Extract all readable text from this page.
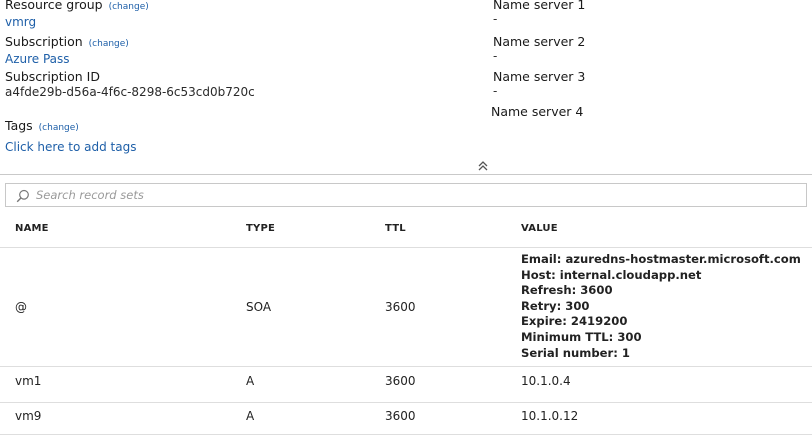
Resource group (change)
vmrg
Subscription (change)
Azure Pass
Subscription ID
a4fde29b-d56a-4f6c-8298-6c53cd0b720c
Tags (change)
Click here to add tags
Name server 1
-
Name server 2
-
Name server 3
-
Name server 4
Search record sets
NAME	TYPE	TTL	VALUE
@	SOA	3600
Email: azuredns-hostmaster.microsoft.com
Host: internal.cloudapp.net
Refresh: 3600
Retry: 300
Expire: 2419200
Minimum TTL: 300
Serial number: 1
vm1	A	3600	10.1.0.4
vm9	A	3600	10.1.0.12
